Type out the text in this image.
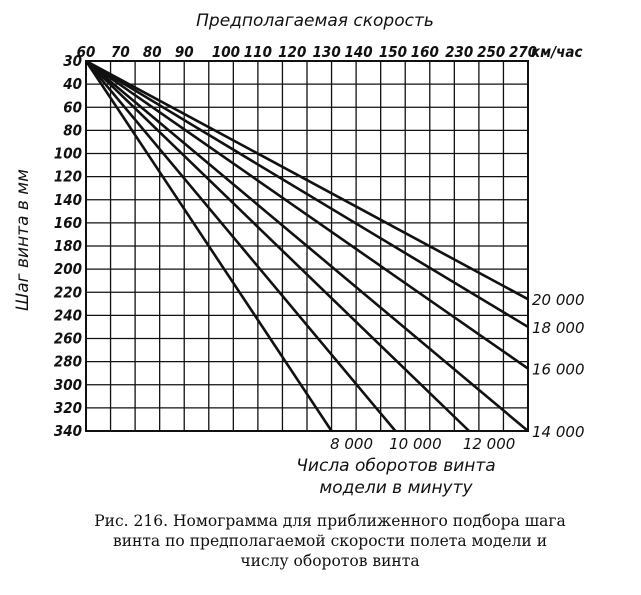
Предполагаемая скорость
60 70 80 90 100 110 120 130 140 150 160 230 250 270
км/час
30
40
60
80
100
120
140
160
180
200
220
240
260
280
300
320
340
Шаг винта в мм
8 000 10 000 12 000
14 000
16 000
18 000
20 000
Числа оборотов винта
модели в минуту
Рис. 216. Номограмма для приближенного подбора шага
винта по предполагаемой скорости полета модели и
числу оборотов винта
